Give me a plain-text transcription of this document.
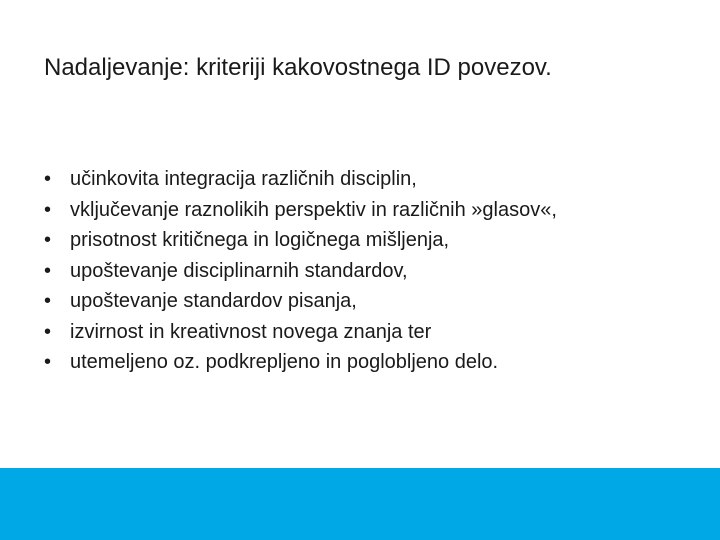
Nadaljevanje: kriteriji kakovostnega ID povezov.
• učinkovita integracija različnih disciplin,
• vključevanje raznolikih perspektiv in različnih »glasov«,
• prisotnost kritičnega in logičnega mišljenja,
• upoštevanje disciplinarnih standardov,
• upoštevanje standardov pisanja,
• izvirnost in kreativnost novega znanja ter
• utemeljeno oz. podkrepljeno in poglobljeno delo.
